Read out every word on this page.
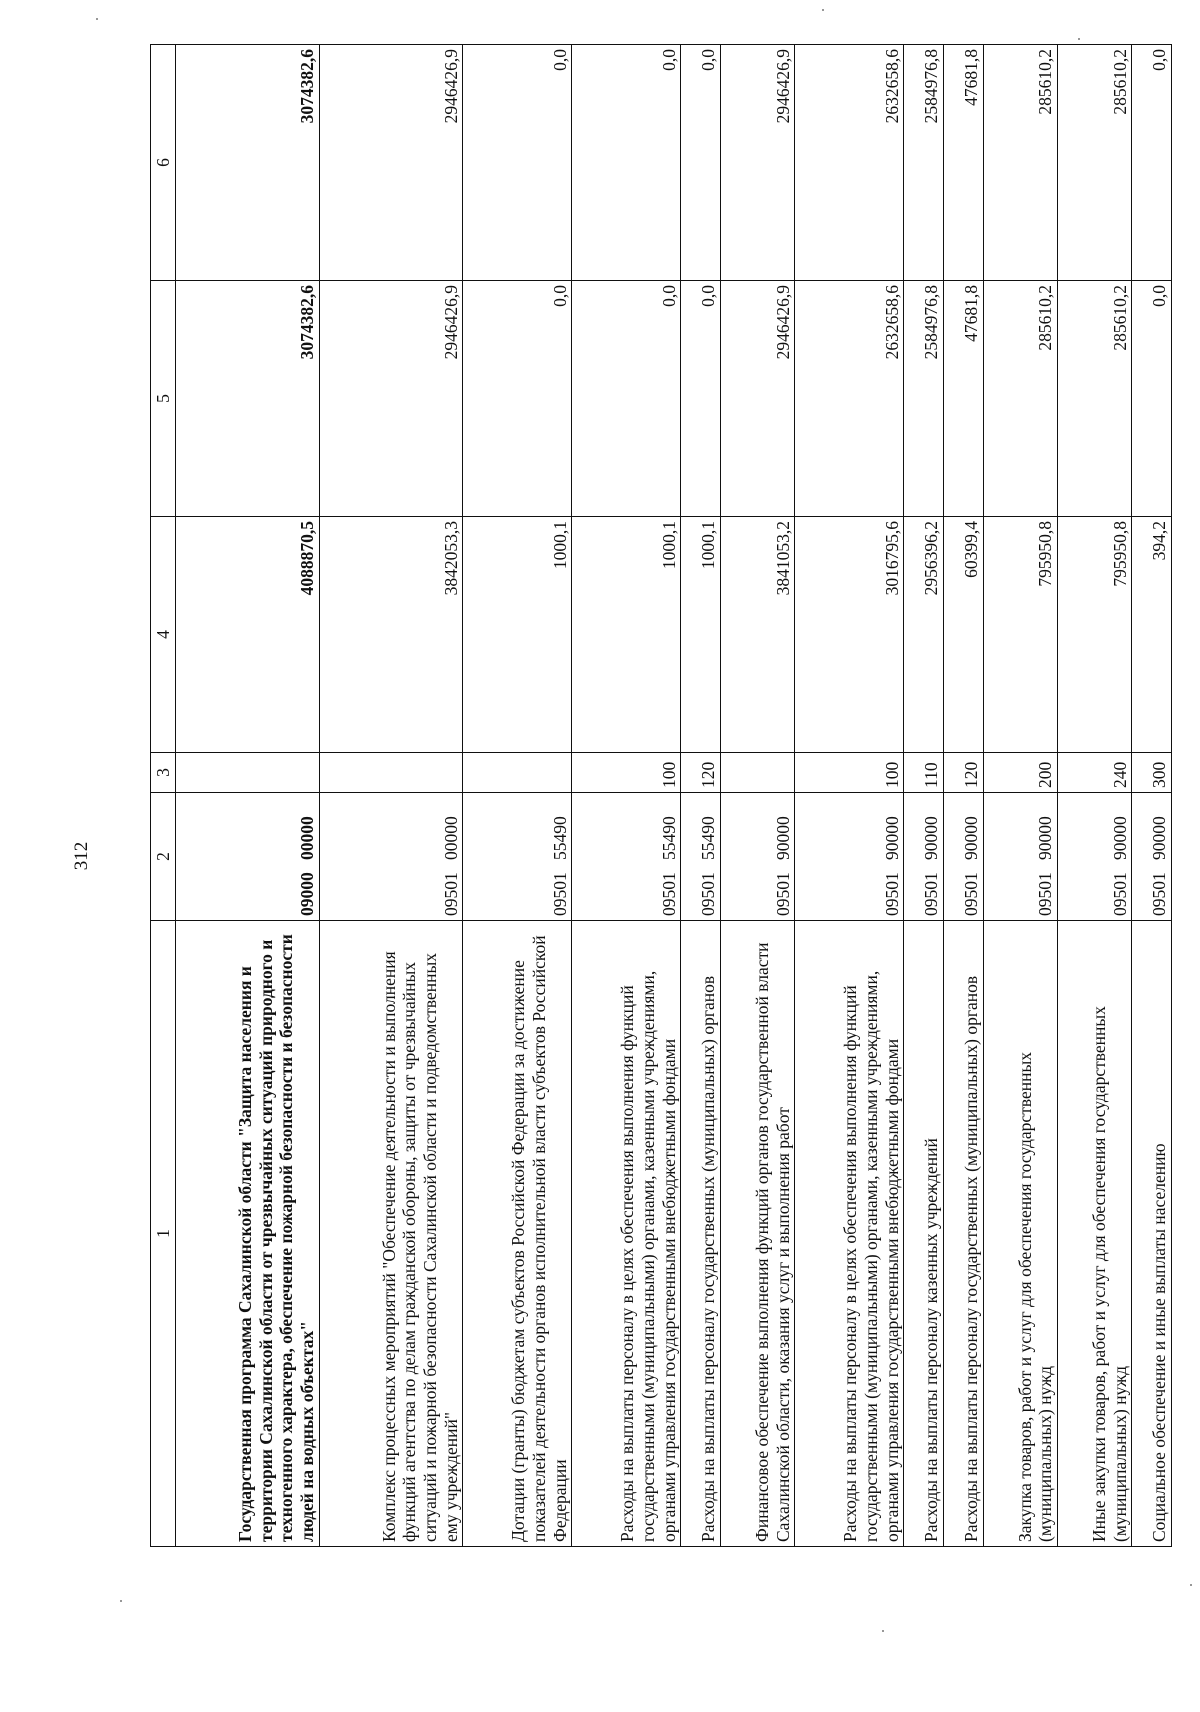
312
1	2	3	4	5	6
Государственная программа Сахалинской области "Защита населения и территории Сахалинской области от чрезвычайных ситуаций природного и техногенного характера, обеспечение пожарной безопасности и безопасности людей на водных объектах"	0900000000		4088870,5	3074382,6	3074382,6
Комплекс процессных мероприятий "Обеспечение деятельности и выполнения функций агентства по делам гражданской обороны, защиты от чрезвычайных ситуаций и пожарной безопасности Сахалинской области и подведомственных ему учреждений"	0950100000		3842053,3	2946426,9	2946426,9
Дотации (гранты) бюджетам субъектов Российской Федерации за достижение показателей деятельности органов исполнительной власти субъектов Российской Федерации	0950155490		1000,1	0,0	0,0
Расходы на выплаты персоналу в целях обеспечения выполнения функций государственными (муниципальными) органами, казенными учреждениями, органами управления государственными внебюджетными фондами	0950155490	100	1000,1	0,0	0,0
Расходы на выплаты персоналу государственных (муниципальных) органов	0950155490	120	1000,1	0,0	0,0
Финансовое обеспечение выполнения функций органов государственной власти Сахалинской области, оказания услуг и выполнения работ	0950190000		3841053,2	2946426,9	2946426,9
Расходы на выплаты персоналу в целях обеспечения выполнения функций государственными (муниципальными) органами, казенными учреждениями, органами управления государственными внебюджетными фондами	0950190000	100	3016795,6	2632658,6	2632658,6
Расходы на выплаты персоналу казенных учреждений	0950190000	110	2956396,2	2584976,8	2584976,8
Расходы на выплаты персоналу государственных (муниципальных) органов	0950190000	120	60399,4	47681,8	47681,8
Закупка товаров, работ и услуг для обеспечения государственных (муниципальных) нужд	0950190000	200	795950,8	285610,2	285610,2
Иные закупки товаров, работ и услуг для обеспечения государственных (муниципальных) нужд	0950190000	240	795950,8	285610,2	285610,2
Социальное обеспечение и иные выплаты населению	0950190000	300	394,2	0,0	0,0
